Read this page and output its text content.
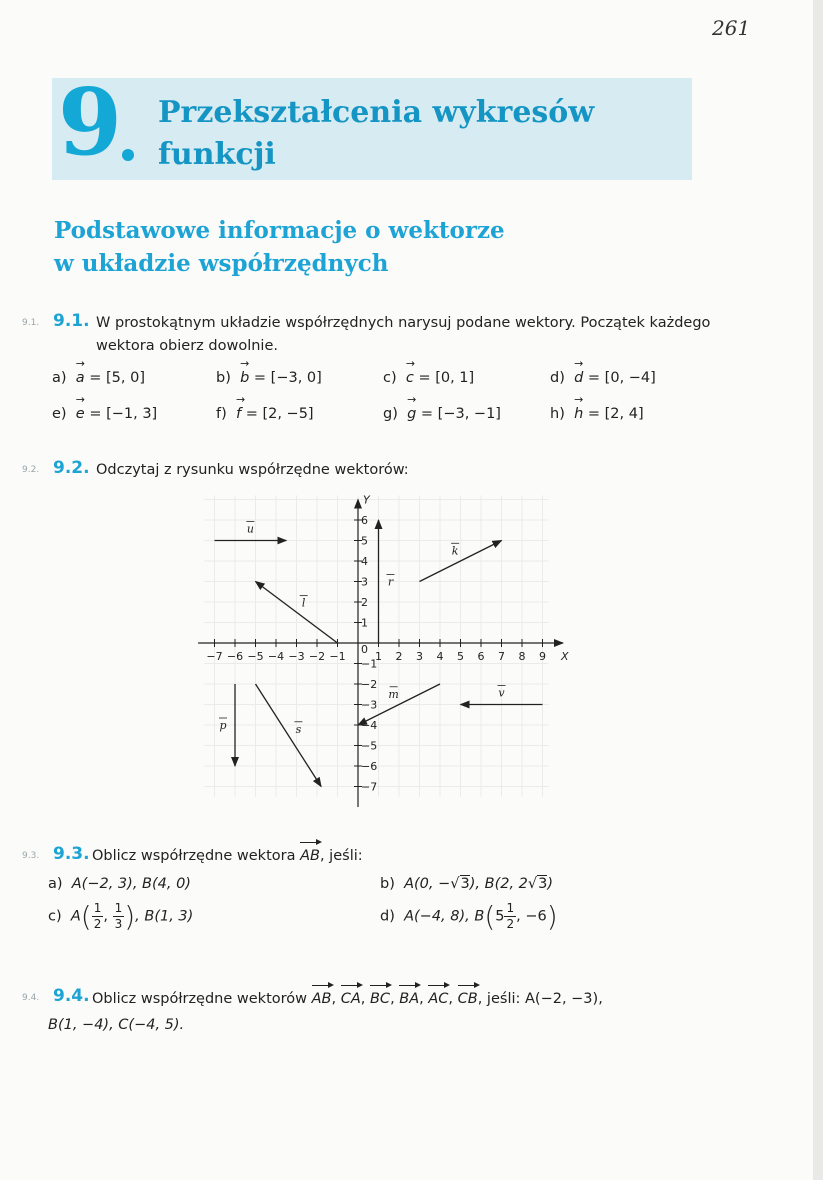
261
9 Przekształcenia wykresów
funkcji
Podstawowe informacje o wektorze
w układzie współrzędnych
9.1. 9.1. W prostokątnym układzie współrzędnych narysuj podane wektory. Początek każdego wektora obierz dowolnie.
a) → a = [5, 0]	b) → b = [−3, 0]	c) → c = [0, 1]	d) → d = [0, −4]
e) → e = [−1, 3]	f) → f = [2, −5]	g) → g = [−3, −1]	h) → h = [2, 4]
9.2. 9.2. Odczytaj z rysunku współrzędne wektorów:
−7 −6 −5 −4 −3 −2 −1	1 2 3 4 5 6 7 8 9
−7
−6
−5
−4
−3
−2
−1
1
2
3
4
5
6
0
X
Y
u
k
r
l
p	s
m	v
9.3. 9.3. Oblicz współrzędne wektora AB, jeśli:
a) A(−2, 3), B(4, 0)	b) A(0, −√3), B(2, 2√3)
c) $A( \frac{1}{2}$ , $\frac{1}{3}$ ), B(1, 3)	d) A(−4, 8), $B(5 \frac{1}{2}$ , −6)
9.4. 9.4. Oblicz współrzędne wektorów AB, CA, BC, BA, AC, CB, jeśli: A(−2, −3),
B(1, −4), C(−4, 5).
